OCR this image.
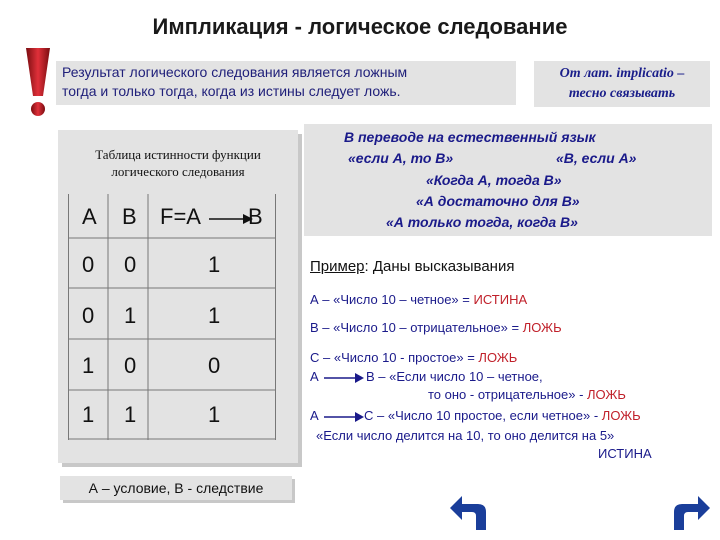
Импликация - логическое следование
Результат логического следования является ложным
тогда и только тогда, когда из истины следует ложь.
От лат. implicatio –
тесно связывать
Таблица истинности функции
логического следования
A B F=A B
0 0	1
0 1	1
1 0	0
1 1	1
А – условие, В - следствие
В переводе на естественный язык
«если А, то В»	«В, если А»
«Когда А, тогда В»
«А достаточно для В»
«А только тогда, когда В»
Пример: Даны высказывания
А – «Число 10 – четное» = ИСТИНА
В – «Число 10 – отрицательное» = ЛОЖЬ
С – «Число 10 - простое» = ЛОЖЬ
А	В – «Если число 10 – четное,
то оно - отрицательное» - ЛОЖЬ
А	С – «Число 10 простое, если четное» - ЛОЖЬ
«Если число делится на 10, то оно делится на 5»
ИСТИНА
